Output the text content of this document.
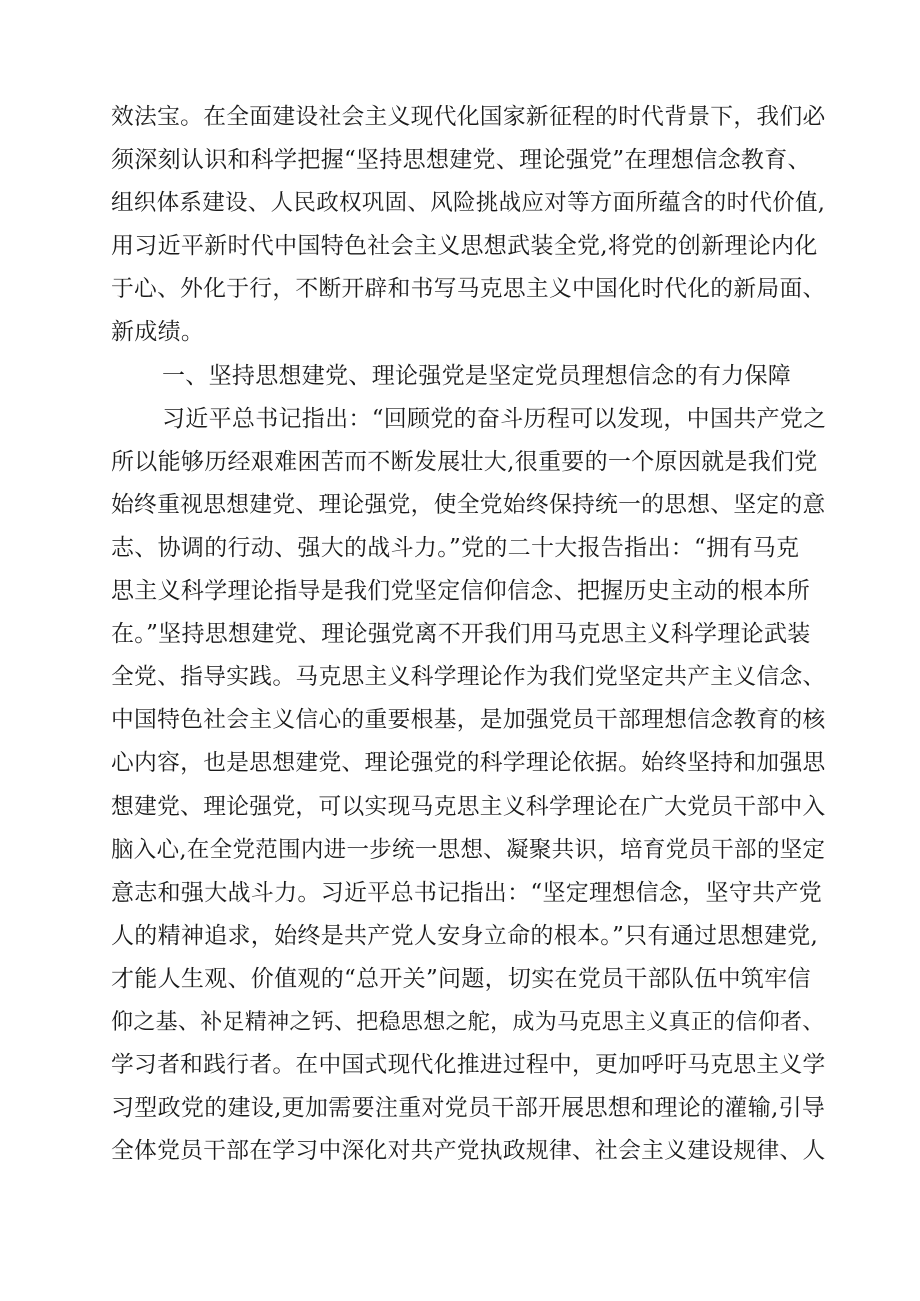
效法宝。在全面建设社会主义现代化国家新征程的时代背景下，我们必
须深刻认识和科学把握“坚持思想建党、理论强党”在理想信念教育、
组织体系建设、人民政权巩固、风险挑战应对等方面所蕴含的时代价值,
用习近平新时代中国特色社会主义思想武装全党,将党的创新理论内化
于心、外化于行，不断开辟和书写马克思主义中国化时代化的新局面、
新成绩。
一、坚持思想建党、理论强党是坚定党员理想信念的有力保障
习近平总书记指出：“回顾党的奋斗历程可以发现，中国共产党之
所以能够历经艰难困苦而不断发展壮大,很重要的一个原因就是我们党
始终重视思想建党、理论强党，使全党始终保持统一的思想、坚定的意
志、协调的行动、强大的战斗力。”党的二十大报告指出：“拥有马克
思主义科学理论指导是我们党坚定信仰信念、把握历史主动的根本所
在。”坚持思想建党、理论强党离不开我们用马克思主义科学理论武装
全党、指导实践。马克思主义科学理论作为我们党坚定共产主义信念、
中国特色社会主义信心的重要根基，是加强党员干部理想信念教育的核
心内容，也是思想建党、理论强党的科学理论依据。始终坚持和加强思
想建党、理论强党，可以实现马克思主义科学理论在广大党员干部中入
脑入心,在全党范围内进一步统一思想、凝聚共识，培育党员干部的坚定
意志和强大战斗力。习近平总书记指出：“坚定理想信念，坚守共产党
人的精神追求，始终是共产党人安身立命的根本。”只有通过思想建党,
才能人生观、价值观的“总开关”问题，切实在党员干部队伍中筑牢信
仰之基、补足精神之钙、把稳思想之舵，成为马克思主义真正的信仰者、
学习者和践行者。在中国式现代化推进过程中，更加呼吁马克思主义学
习型政党的建设,更加需要注重对党员干部开展思想和理论的灌输,引导
全体党员干部在学习中深化对共产党执政规律、社会主义建设规律、人
